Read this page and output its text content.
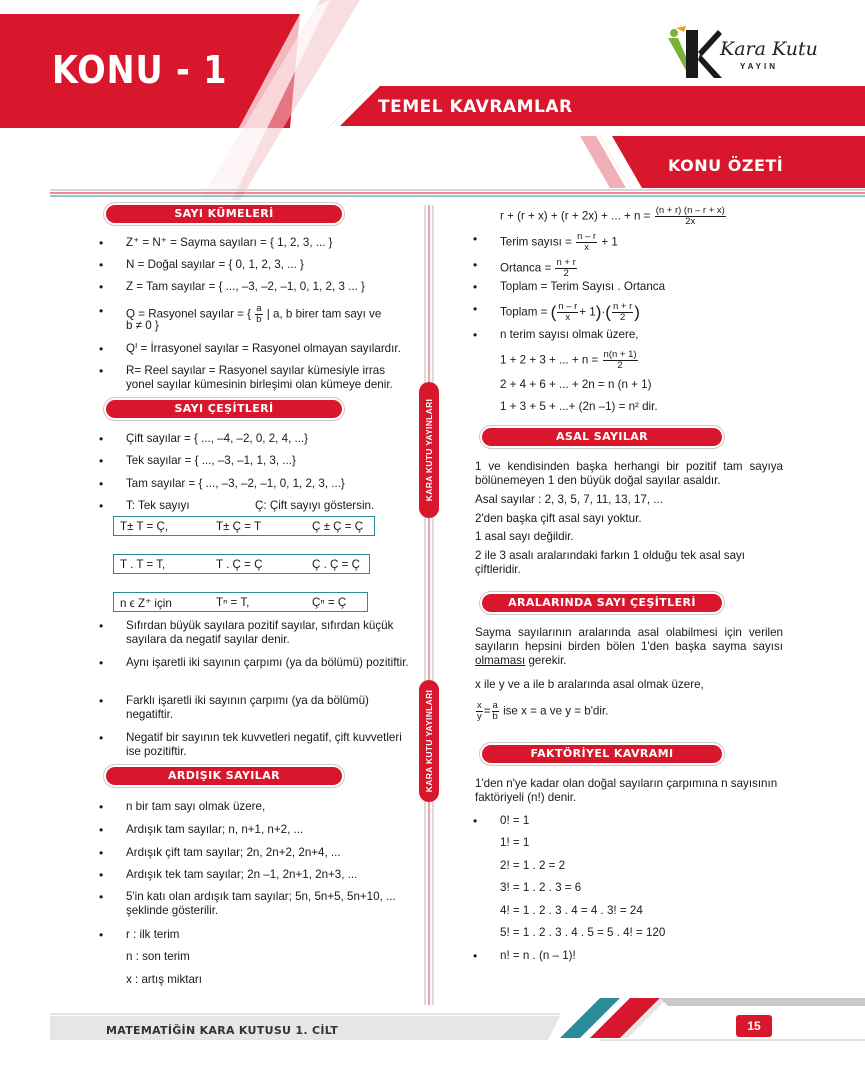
KONU - 1
TEMEL KAVRAMLAR
KONU ÖZETİ
Kara Kutu
YAYIN
KARA KUTU YAYINLARI
KARA KUTU YAYINLARI
SAYI KÜMELERİ
• Z⁺ = N⁺ = Sayma sayıları = { 1, 2, 3, ... }
• N = Doğal sayılar = { 0, 1, 2, 3, ... }
• Z = Tam sayılar = { ..., –3, –2, –1, 0, 1, 2, 3 ... }
• Q = Rasyonel sayılar = { $\frac{a}{b}$ | a, b birer tam sayı ve
b ≠ 0 }
• Qᑊ = İrrasyonel sayılar = Rasyonel olmayan sayılardır.
• R= Reel sayılar = Rasyonel sayılar kümesiyle irras
yonel sayılar kümesinin birleşimi olan kümeye denir.
SAYI ÇEŞİTLERİ
• Çift sayılar = { ..., –4, –2, 0, 2, 4, ...}
• Tek sayılar = { ..., –3, –1, 1, 3, ...}
• Tam sayılar = { ..., –3, –2, –1, 0, 1, 2, 3, ...}
• T: Tek sayıyı	Ç: Çift sayıyı göstersin.
T± T = Ç,	T± Ç = T	Ç ± Ç = Ç
T . T = T,	T . Ç = Ç	Ç . Ç = Ç
n ϵ Z⁺ için	Tⁿ = T,	Çⁿ = Ç
• Sıfırdan büyük sayılara pozitif sayılar, sıfırdan küçük sayılara da negatif sayılar denir.
• Aynı işaretli iki sayının çarpımı (ya da bölümü) pozitiftir.
• Farklı işaretli iki sayının çarpımı (ya da bölümü) negatiftir.
• Negatif bir sayının tek kuvvetleri negatif, çift kuvvetleri ise pozitiftir.
ARDIŞIK SAYILAR
• n bir tam sayı olmak üzere,
• Ardışık tam sayılar; n, n+1, n+2, ...
• Ardışık çift tam sayılar; 2n, 2n+2, 2n+4, ...
• Ardışık tek tam sayılar; 2n –1, 2n+1, 2n+3, ...
• 5'in katı olan ardışık tam sayılar; 5n, 5n+5, 5n+10, ... şeklinde gösterilir.
• r : ilk terim
n : son terim
x : artış miktarı
r + (r + x) + (r + 2x) + ... + $n = \frac{(n + r) (n - r + x)}{2x}$
• Terim sayısı = $\frac{n - r}{x} + 1$
• Ortanca = $\frac{n + r}{2}$
• Toplam = Terim Sayısı . Ortanca
• Toplam = ( $\frac{n - r}{x} + 1)\cdot( \frac{n + r}{2}$ )
• n terim sayısı olmak üzere,
1 + 2 + 3 + ... + $n = \frac{n(n + 1)}{2}$
2 + 4 + 6 + ... + 2n = n (n + 1)
1 + 3 + 5 + ...+ (2n –1) = n² dir.
ASAL SAYILAR
1 ve kendisinden başka herhangi bir pozitif tam sayıya bölünemeyen 1 den büyük doğal sayılar asaldır.
Asal sayılar : 2, 3, 5, 7, 11, 13, 17, ...
2'den başka çift asal sayı yoktur.
1 asal sayı değildir.
2 ile 3 asalı aralarındaki farkın 1 olduğu tek asal sayı çiftleridir.
ARALARINDA SAYI ÇEŞİTLERİ
Sayma sayılarının aralarında asal olabilmesi için verilen sayıların hepsini birden bölen 1'den başka sayma sayısı olmaması gerekir.
x ile y ve a ile b aralarında asal olmak üzere,
$\frac{x}{y} = \frac{a}{b}$ ise x = a ve y = b'dir.
FAKTÖRİYEL KAVRAMI
1'den n'ye kadar olan doğal sayıların çarpımına n sayısının faktöriyeli (n!) denir.
• 0! = 1
1! = 1
2! = 1 . 2 = 2
3! = 1 . 2 . 3 = 6
4! = 1 . 2 . 3 . 4 = 4 . 3! = 24
5! = 1 . 2 . 3 . 4 . 5 = 5 . 4! = 120
• n! = n . (n – 1)!
MATEMATİĞİN KARA KUTUSU 1. CİLT	15
